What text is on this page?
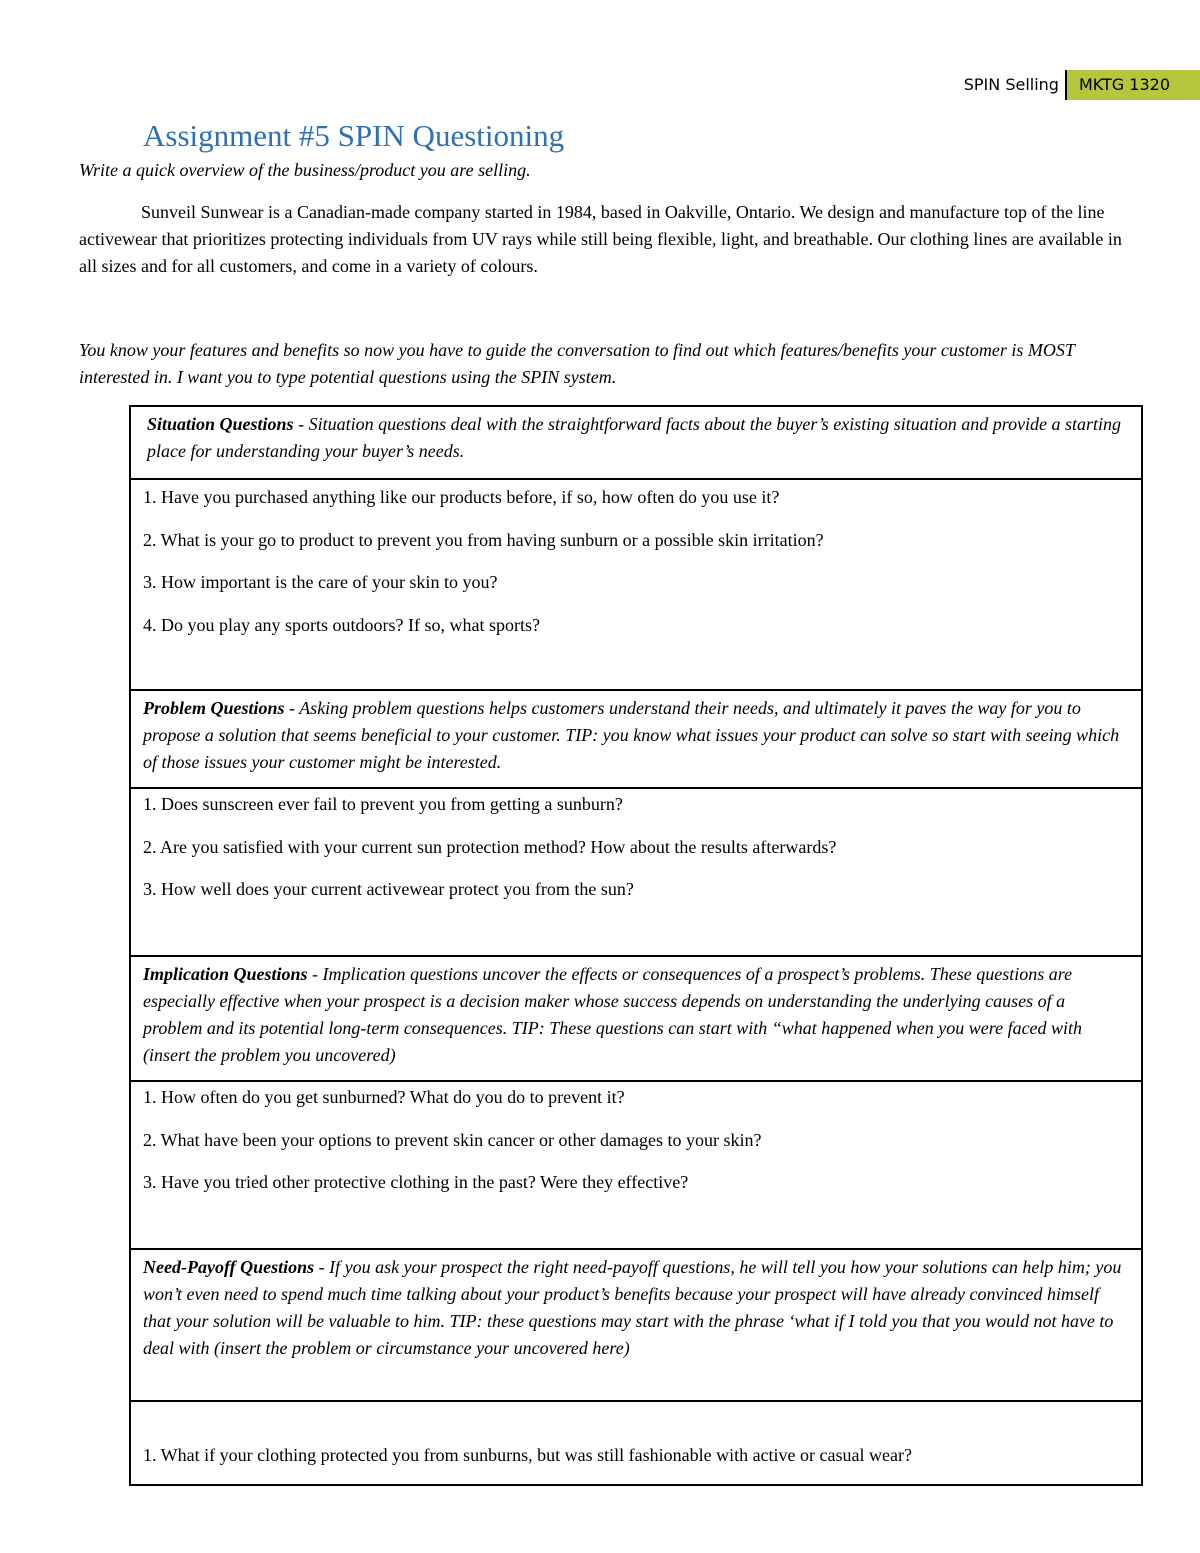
SPIN Selling	MKTG 1320
Assignment #5 SPIN Questioning

Write a quick overview of the business/product you are selling.

Sunveil Sunwear is a Canadian-made company started in 1984, based in Oakville, Ontario. We design and manufacture top of the line activewear that prioritizes protecting individuals from UV rays while still being flexible, light, and breathable. Our clothing lines are available in all sizes and for all customers, and come in a variety of colours.

You know your features and benefits so now you have to guide the conversation to find out which features/benefits your customer is MOST interested in. I want you to type potential questions using the SPIN system.

Situation Questions - Situation questions deal with the straightforward facts about the buyer’s existing situation and provide a starting place for understanding your buyer’s needs.

1. Have you purchased anything like our products before, if so, how often do you use it?

2. What is your go to product to prevent you from having sunburn or a possible skin irritation?

3. How important is the care of your skin to you?

4. Do you play any sports outdoors? If so, what sports?

Problem Questions - Asking problem questions helps customers understand their needs, and ultimately it paves the way for you to propose a solution that seems beneficial to your customer. TIP: you know what issues your product can solve so start with seeing which of those issues your customer might be interested.

1. Does sunscreen ever fail to prevent you from getting a sunburn?

2. Are you satisfied with your current sun protection method? How about the results afterwards?

3. How well does your current activewear protect you from the sun?

Implication Questions - Implication questions uncover the effects or consequences of a prospect’s problems. These questions are especially effective when your prospect is a decision maker whose success depends on understanding the underlying causes of a problem and its potential long-term consequences. TIP: These questions can start with “what happened when you were faced with (insert the problem you uncovered)

1. How often do you get sunburned? What do you do to prevent it?

2. What have been your options to prevent skin cancer or other damages to your skin?

3. Have you tried other protective clothing in the past? Were they effective?

Need-Payoff Questions - If you ask your prospect the right need-payoff questions, he will tell you how your solutions can help him; you won’t even need to spend much time talking about your product’s benefits because your prospect will have already convinced himself that your solution will be valuable to him. TIP: these questions may start with the phrase ‘what if I told you that you would not have to deal with (insert the problem or circumstance your uncovered here)

1. What if your clothing protected you from sunburns, but was still fashionable with active or casual wear?
